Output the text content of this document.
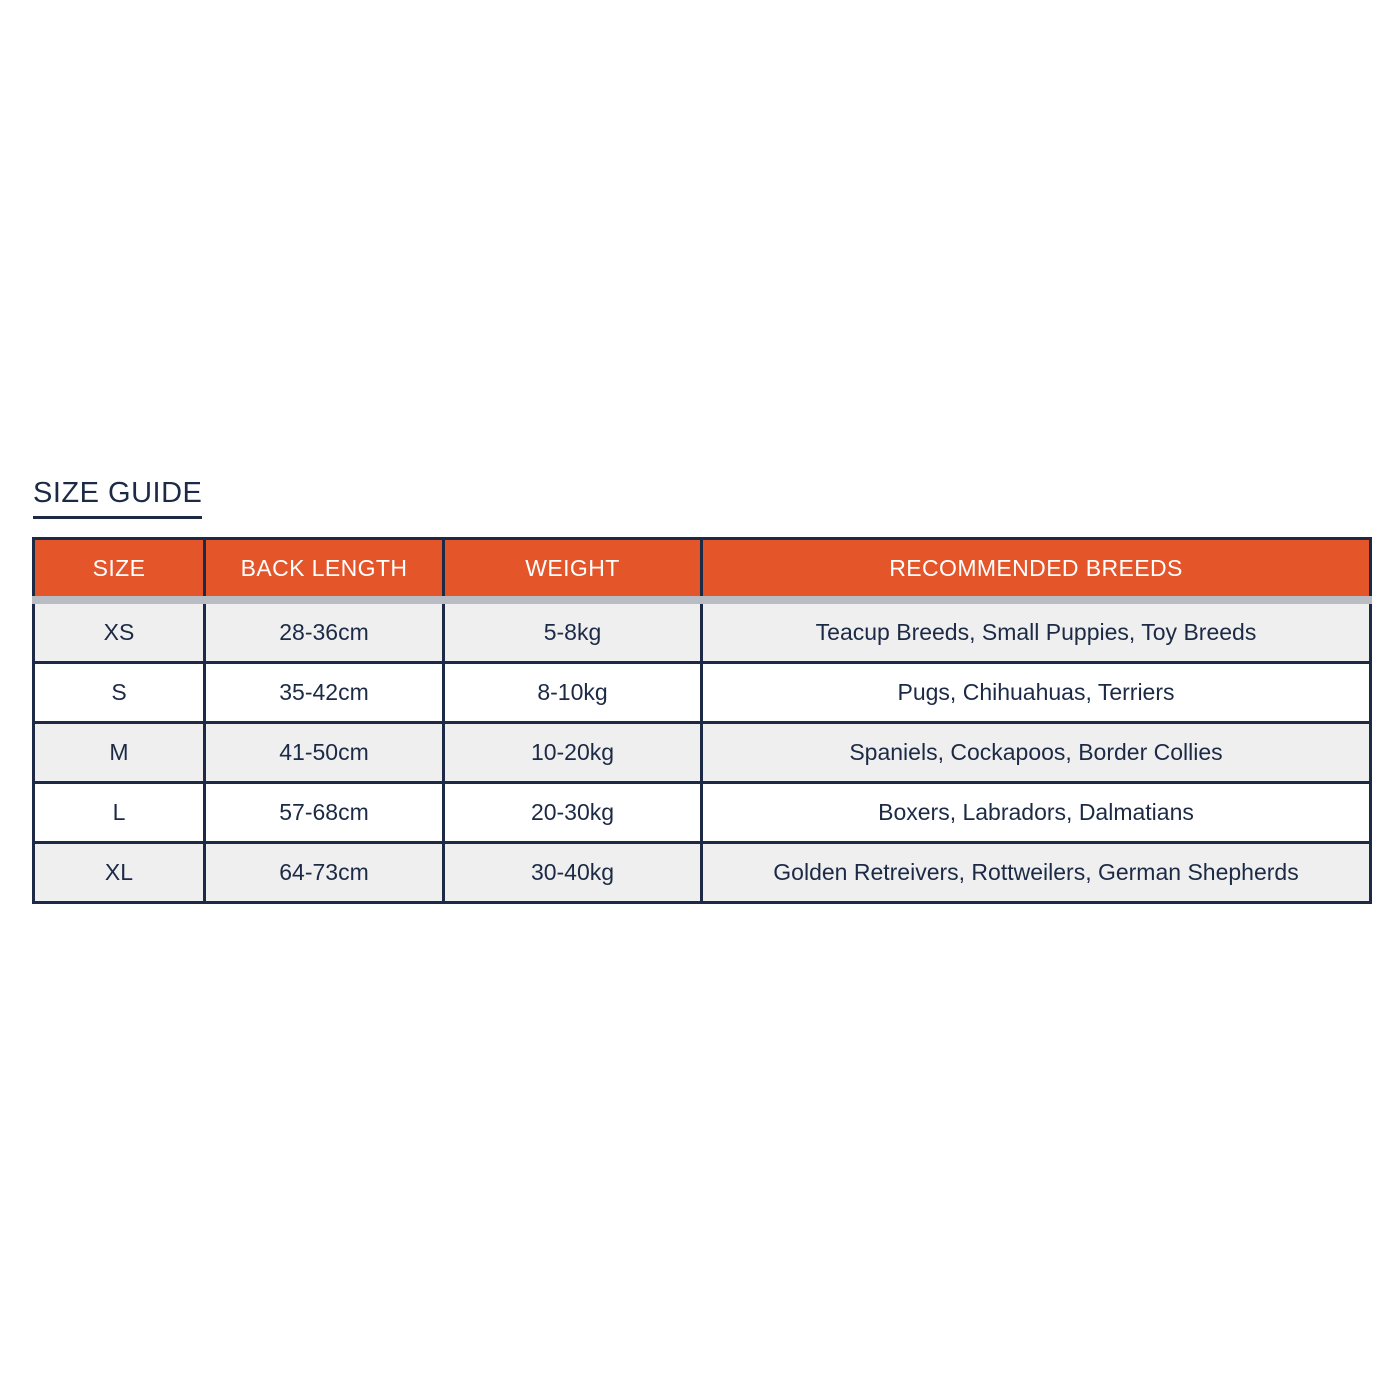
SIZE GUIDE
SIZE	BACK LENGTH	WEIGHT	RECOMMENDED BREEDS
XS	28-36cm	5-8kg	Teacup Breeds, Small Puppies, Toy Breeds
S	35-42cm	8-10kg	Pugs, Chihuahuas, Terriers
M	41-50cm	10-20kg	Spaniels, Cockapoos, Border Collies
L	57-68cm	20-30kg	Boxers, Labradors, Dalmatians
XL	64-73cm	30-40kg	Golden Retreivers, Rottweilers, German Shepherds
